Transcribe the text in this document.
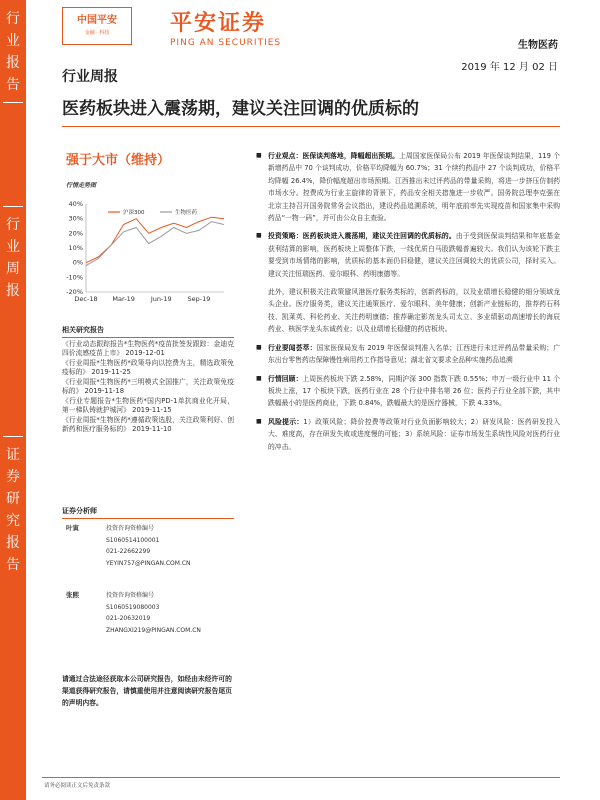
行
业
报
告
行
业
周
报
证
券
研
究
报
告
中国平安
金融 · 科技	平安证券
PING AN SECURITIES	生物医药
2019 年 12 月 02 日
行业周报
医药板块进入震荡期，建议关注回调的优质标的
强于大市（维持）
行情走势图
40%
30%
20%
10%
0%
-10%
-20%
Dec-18 Mar-19 Jun-19 Sep-19
沪深300	生物医药
相关研究报告
《行业动态跟踪报告*生物医药*疫苗批签发跟踪：金迪克四价流感疫苗上市》 2019-12-01
《行业周报*生物医药*政策导向以控费为主，精选政策免疫标的》 2019-11-25
《行业周报*生物医药*三明模式全国推广，关注政策免疫标的》 2019-11-18
《行业专题报告*生物医药*国内PD-1单抗商业化开局，第一梯队铸就护城河》 2019-11-15
《行业周报*生物医药*遵循政策选股，关注政策利好、创新药和医疗服务标的》 2019-11-10
证券分析师
叶寅	投资咨询资格编号
S1060514100001
021-22662299
YEYIN757@PINGAN.COM.CN
张熙	投资咨询资格编号
S1060519080003
021-20632019
ZHANGXI219@PINGAN.COM.CN
请通过合法途径获取本公司研究报告，如经由未经许可的渠道获得研究报告，请慎重使用并注意阅读研究报告尾页的声明内容。
■ 行业观点：医保谈判落地，降幅超出预期。上周国家医保局公布 2019 年医保谈判结果，119 个新增药品中 70 个谈判成功，价格平均降幅为 60.7%；31 个续约药品中 27 个谈判成功，价格平均降幅 26.4%，降价幅度超出市场预期。江西推出未过评药品的带量采购，将进一步挤压仿制药市场水分。控费成为行业主旋律的背景下，药品安全相关措施进一步收严。国务院总理李克强在北京主持召开国务院常务会议指出，建设药品追溯系统，明年底前率先实现疫苗和国家集中采购药品“一物一码”，并可由公众自主查验。
■ 投资策略：医药板块进入震荡期，建议关注回调的优质标的。由于受到医保谈判结果和年底基金获利结算的影响，医药板块上周整体下跌，一线优质白马股跌幅普遍较大。我们认为该轮下跌主要受到市场情绪的影响，优质标的基本面仍旧稳健，建议关注回调较大的优质公司，择时买入。建议关注恒瑞医药、爱尔眼科、药明康德等。
此外，建议积极关注政策避风港医疗服务类标的，创新药标的，以及业绩增长稳健的细分领域龙头企业。医疗服务类，建议关注通策医疗、爱尔眼科、美年健康；创新产业链标的，推荐药石科技、凯莱英、科伦药业、关注药明康德；推荐确定影剂龙头司太立、多业绩驱动高速增长的海辰药业、核医学龙头东诚药业；以及业绩增长稳健的药店板块。
■ 行业要闻荟萃：国家医保局发布 2019 年医保谈判准入名单；江西进行未过评药品带量采购；广东出台零售药店保障慢性病用药工作指导意见；湖北省文要求全品种实施药品追溯
■ 行情回顾：上周医药板块下跌 2.58%，同期沪深 300 指数下跌 0.55%；申万一级行业中 11 个板块上涨，17 个板块下跌，医药行业在 28 个行业中排名第 26 位；医药子行业全部下跌，其中跌幅最小的是医药商业，下跌 0.84%，跌幅最大的是医疗器械，下跌 4.33%。
■ 风险提示：1）政策风险；降价控费等政策对行业负面影响较大；2）研发风险：医药研发投入大、难度高，存在研发失败或进度慢的可能；3）系统风险：证券市场发生系统性风险对医药行业的冲击。
请务必阅读正文后免责条款
